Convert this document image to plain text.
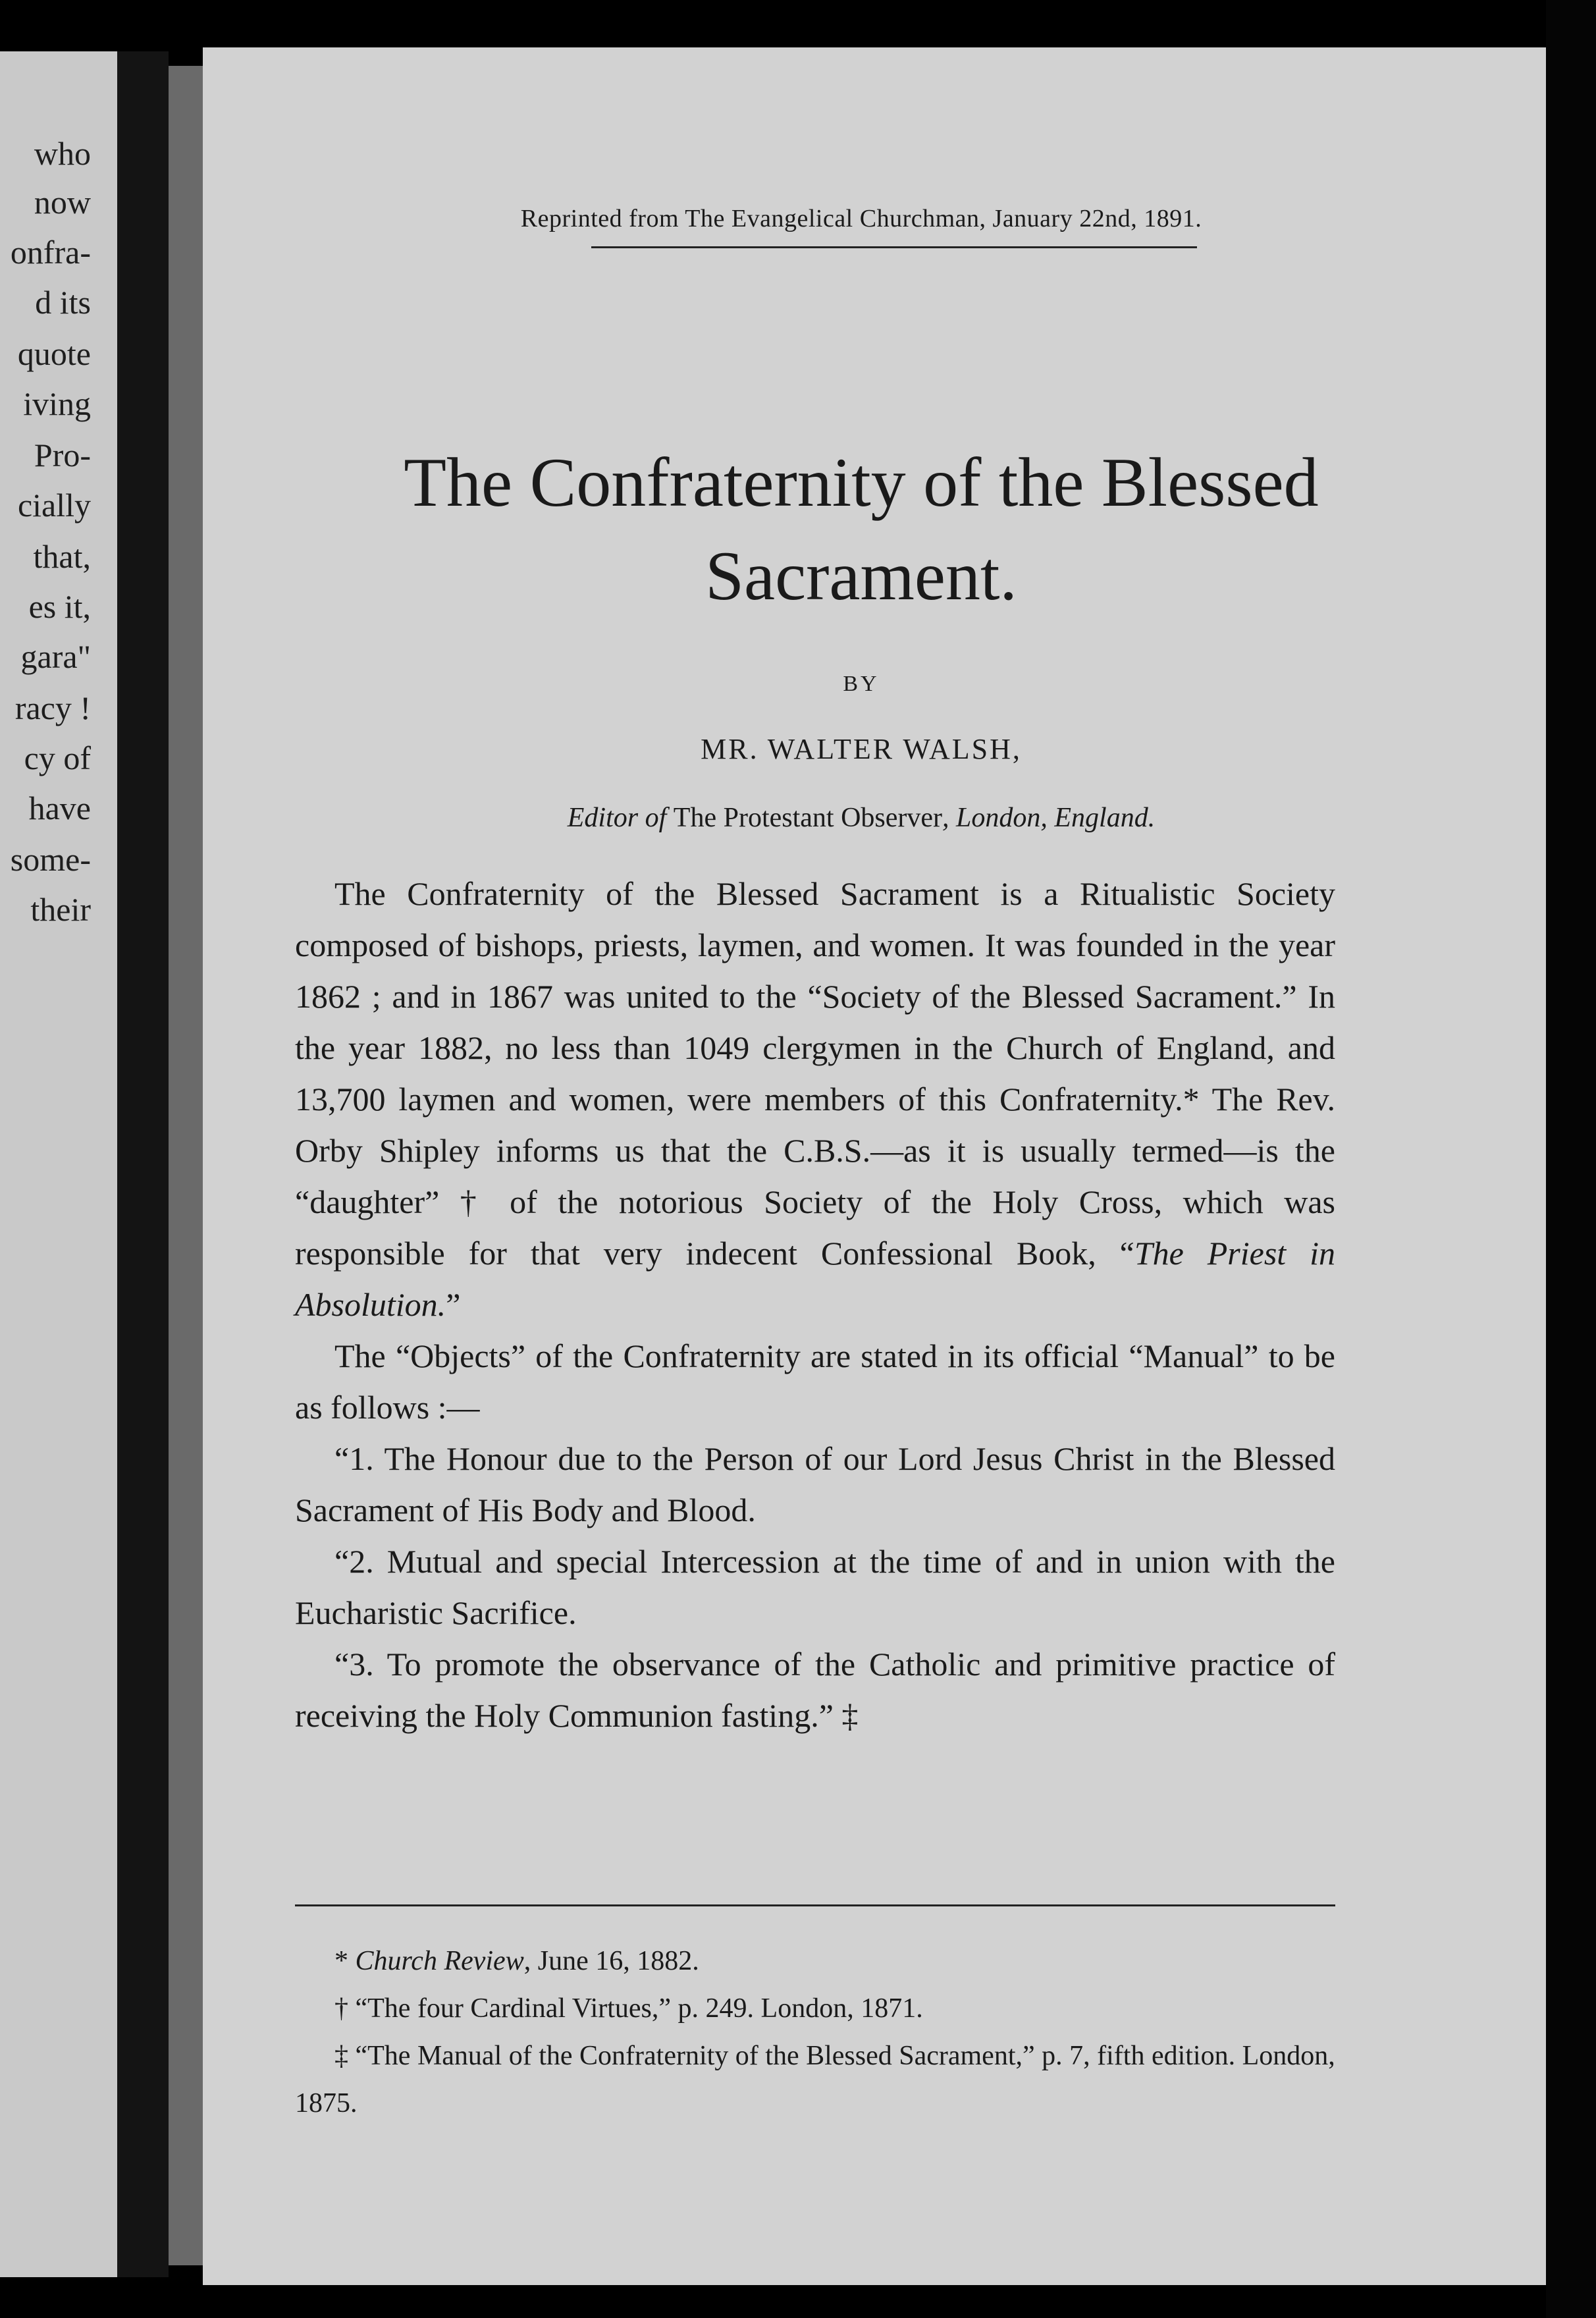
who
now
onfra-
d its
quote
iving
Pro-
cially
that,
es it,
gara"
racy !
cy of
have
some-
their
Reprinted from The Evangelical Churchman, January 22nd, 1891.
The Confraternity of the Blessed
Sacrament.
BY
MR. WALTER WALSH,
Editor of The Protestant Observer, London, England.

The Confraternity of the Blessed Sacrament is a Ritualistic Society composed of bishops, priests, laymen, and women. It was founded in the year 1862 ; and in 1867 was united to the “Society of the Blessed Sacrament.” In the year 1882, no less than 1049 clergymen in the Church of England, and 13,700 laymen and women, were members of this Confraternity.* The Rev. Orby Shipley informs us that the C.B.S.—as it is usually termed—is the “daughter” † of the notorious Society of the Holy Cross, which was responsible for that very indecent Confessional Book, “The Priest in Absolution.”

The “Objects” of the Confraternity are stated in its official “Manual” to be as follows :—

“1. The Honour due to the Person of our Lord Jesus Christ in the Blessed Sacrament of His Body and Blood.

“2. Mutual and special Intercession at the time of and in union with the Eucharistic Sacrifice.

“3. To promote the observance of the Catholic and primitive practice of receiving the Holy Communion fasting.” ‡

* Church Review, June 16, 1882.

† “The four Cardinal Virtues,” p. 249. London, 1871.

‡ “The Manual of the Confraternity of the Blessed Sacrament,” p. 7, fifth edition. London, 1875.
